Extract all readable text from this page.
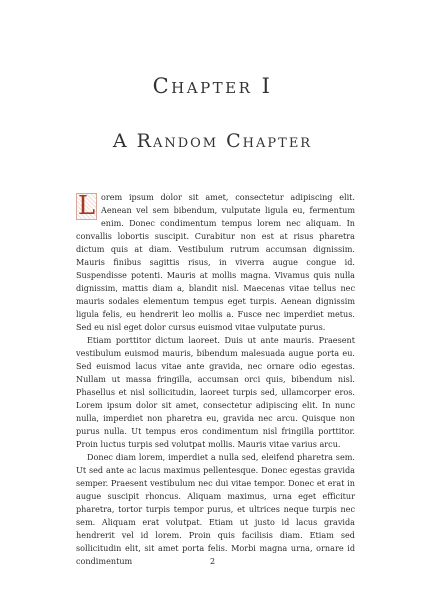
Chapter I
A Random Chapter

L orem ipsum dolor sit amet, consectetur adipiscing elit. Aenean vel sem bibendum, vulputate ligula eu, fermentum enim. Donec condimentum tempus lorem nec aliquam. In convallis lobortis suscipit. Curabitur non est at risus pharetra dictum quis at diam. Vestibulum rutrum accumsan dignissim. Mauris finibus sagittis risus, in viverra augue congue id. Suspendisse potenti. Mauris at mollis magna. Vivamus quis nulla dignissim, mattis diam a, blandit nisl. Maecenas vitae tellus nec mauris sodales elementum tempus eget turpis. Aenean dignissim ligula felis, eu hendrerit leo mollis a. Fusce nec imperdiet metus. Sed eu nisl eget dolor cursus euismod vitae vulputate purus.

Etiam porttitor dictum laoreet. Duis ut ante mauris. Praesent vestibulum euismod mauris, bibendum malesuada augue porta eu. Sed euismod lacus vitae ante gravida, nec ornare odio egestas. Nullam ut massa fringilla, accumsan orci quis, bibendum nisl. Phasellus et nisl sollicitudin, laoreet turpis sed, ullamcorper eros. Lorem ipsum dolor sit amet, consectetur adipiscing elit. In nunc nulla, imperdiet non pharetra eu, gravida nec arcu. Quisque non purus nulla. Ut tempus eros condimentum nisl fringilla porttitor. Proin luctus turpis sed volutpat mollis. Mauris vitae varius arcu.

Donec diam lorem, imperdiet a nulla sed, eleifend pharetra sem. Ut sed ante ac lacus maximus pellentesque. Donec egestas gravida semper. Praesent vestibulum nec dui vitae tempor. Donec et erat in augue suscipit rhoncus. Aliquam maximus, urna eget efficitur pharetra, tortor turpis tempor purus, et ultrices neque turpis nec sem. Aliquam erat volutpat. Etiam ut justo id lacus gravida hendrerit vel id lorem. Proin quis facilisis diam. Etiam sed sollicitudin elit, sit amet porta felis. Morbi magna urna, ornare id condimentum	2
